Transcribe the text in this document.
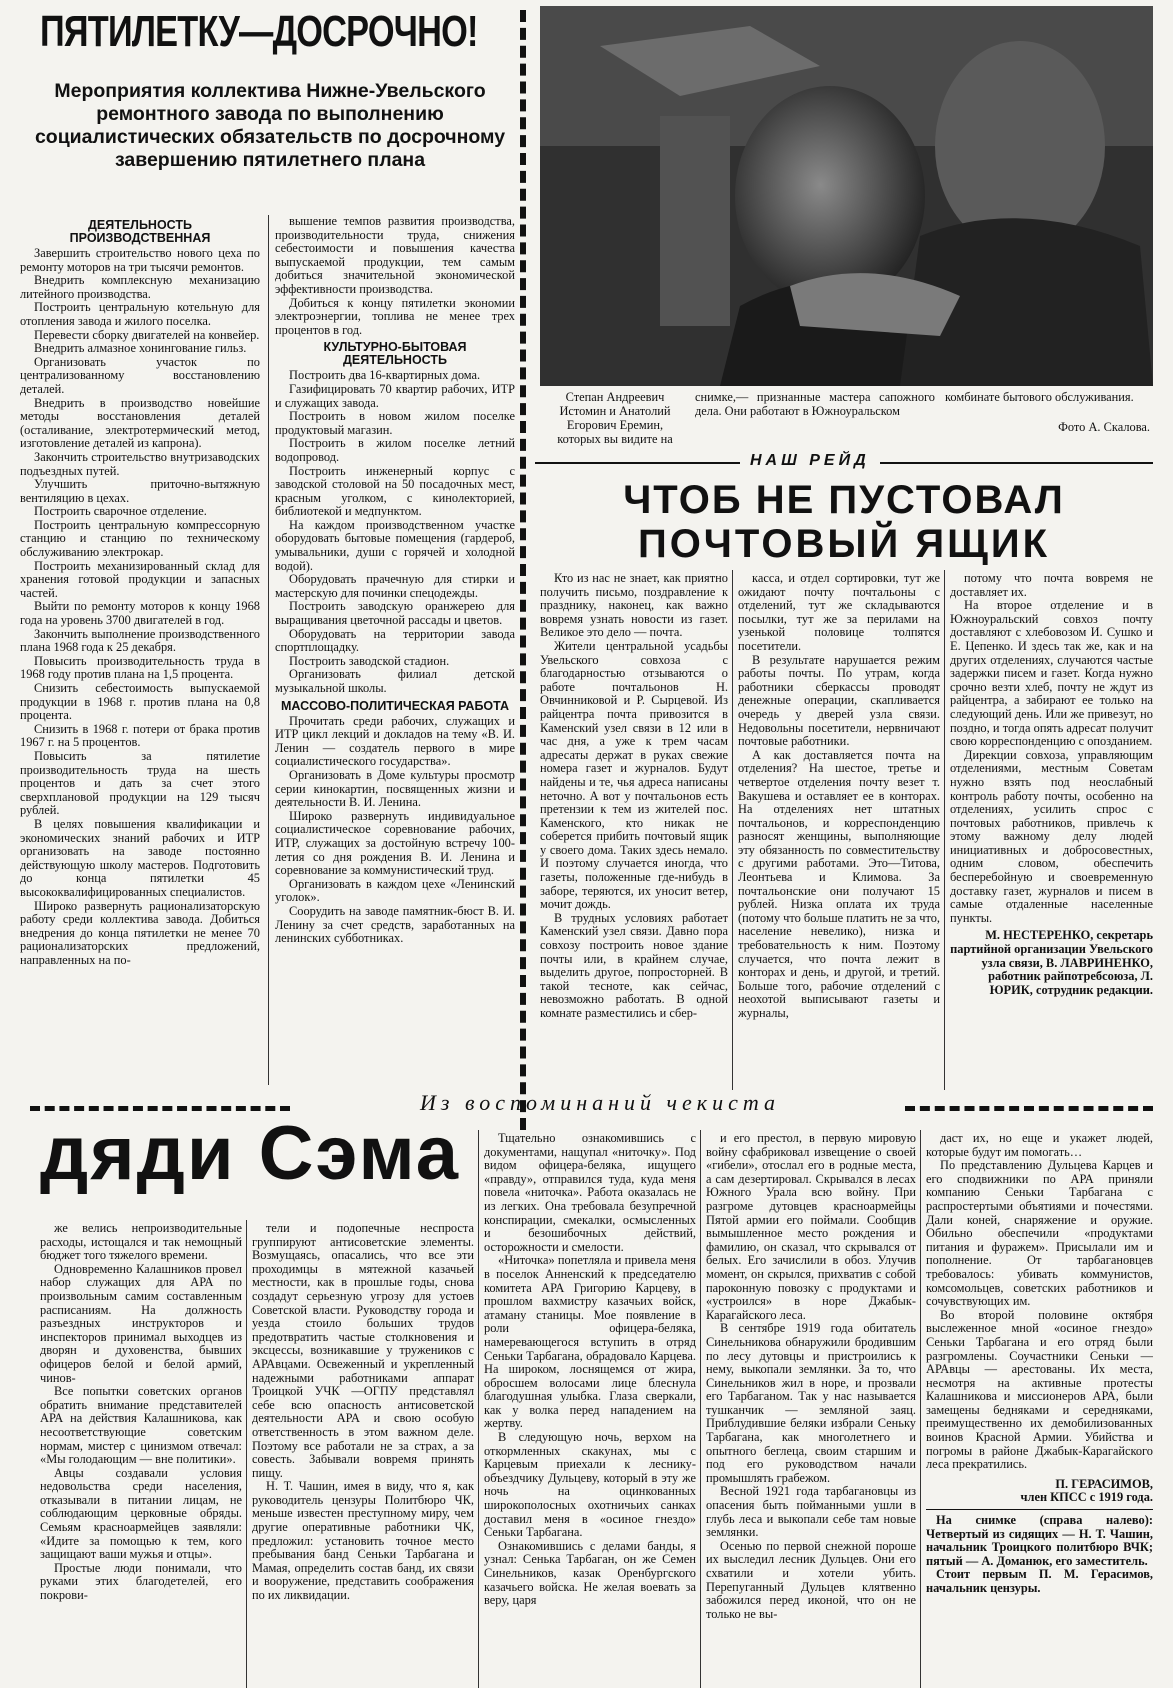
ПЯТИЛЕТКУ—ДОСРОЧНО!
Мероприятия коллектива Нижне-Увельского ремонтного завода по выполнению социалистических обязательств по досрочному завершению пятилетнего плана
ДЕЯТЕЛЬНОСТЬ ПРОИЗВОДСТВЕННАЯ

Завершить строительство нового цеха по ремонту моторов на три тысячи ремонтов.

Внедрить комплексную механизацию литейного производства.

Построить центральную котельную для отопления завода и жилого поселка.

Перевести сборку двигателей на конвейер.

Внедрить алмазное хонингование гильз.

Организовать участок по централизованному восстановлению деталей.

Внедрить в производство новейшие методы восстановления деталей (осталивание, электротермический метод, изготовление деталей из капрона).

Закончить строительство внутризаводских подъездных путей.

Улучшить приточно-вытяжную вентиляцию в цехах.

Построить сварочное отделение.

Построить центральную компрессорную станцию и станцию по техническому обслуживанию электрокар.

Построить механизированный склад для хранения готовой продукции и запасных частей.

Выйти по ремонту моторов к концу 1968 года на уровень 3700 двигателей в год.

Закончить выполнение производственного плана 1968 года к 25 декабря.

Повысить производительность труда в 1968 году против плана на 1,5 процента.

Снизить себестоимость выпускаемой продукции в 1968 г. против плана на 0,8 процента.

Снизить в 1968 г. потери от брака против 1967 г. на 5 процентов.

Повысить за пятилетие производительность труда на шесть процентов и дать за счет этого сверхплановой продукции на 129 тысяч рублей.

В целях повышения квалификации и экономических знаний рабочих и ИТР организовать на заводе постоянно действующую школу мастеров. Подготовить до конца пятилетки 45 высококвалифицированных специалистов.

Широко развернуть рационализаторскую работу среди коллектива завода. Добиться внедрения до конца пятилетки не менее 70 рационализаторских предложений, направленных на по-

вышение темпов развития производства, производительности труда, снижения себестоимости и повышения качества выпускаемой продукции, тем самым добиться значительной экономической эффективности производства.

Добиться к концу пятилетки экономии электроэнергии, топлива не менее трех процентов в год.

КУЛЬТУРНО-БЫТОВАЯ ДЕЯТЕЛЬНОСТЬ

Построить два 16-квартирных дома.

Газифицировать 70 квартир рабочих, ИТР и служащих завода.

Построить в новом жилом поселке продуктовый магазин.

Построить в жилом поселке летний водопровод.

Построить инженерный корпус с заводской столовой на 50 посадочных мест, красным уголком, с кинолекторией, библиотекой и медпунктом.

На каждом производственном участке оборудовать бытовые помещения (гардероб, умывальники, души с горячей и холодной водой).

Оборудовать прачечную для стирки и мастерскую для починки спецодежды.

Построить заводскую оранжерею для выращивания цветочной рассады и цветов.

Оборудовать на территории завода спортплощадку.

Построить заводской стадион.

Организовать филиал детской музыкальной школы.

МАССОВО-ПОЛИТИЧЕСКАЯ РАБОТА

Прочитать среди рабочих, служащих и ИТР цикл лекций и докладов на тему «В. И. Ленин — создатель первого в мире социалистического государства».

Организовать в Доме культуры просмотр серии кинокартин, посвященных жизни и деятельности В. И. Ленина.

Широко развернуть индивидуальное социалистическое соревнование рабочих, ИТР, служащих за достойную встречу 100-летия со дня рождения В. И. Ленина и соревнование за коммунистический труд.

Организовать в каждом цехе «Ленинский уголок».

Соорудить на заводе памятник-бюст В. И. Ленину за счет средств, заработанных на ленинских субботниках.

Степан Андреевич Истомин и Анатолий Егорович Еремин, которых вы видите на
снимке,— признанные мастера сапожного дела. Они работают в Южноуральском
комбинате бытового обслуживания.
Фото А. Скалова.
НАШ РЕЙД
ЧТОБ НЕ ПУСТОВАЛ
ПОЧТОВЫЙ ЯЩИК

Кто из нас не знает, как приятно получить письмо, поздравление к празднику, наконец, как важно вовремя узнать новости из газет. Великое это дело — почта.

Жители центральной усадьбы Увельского совхоза с благодарностью отзываются о работе почтальонов Н. Овчинниковой и Р. Сырцевой. Из райцентра почта привозится в Каменский узел связи в 12 или в час дня, а уже к трем часам адресаты держат в руках свежие номера газет и журналов. Будут найдены и те, чья адреса написаны неточно. А вот у почтальонов есть претензии к тем из жителей пос. Каменского, кто никак не соберется прибить почтовый ящик у своего дома. Таких здесь немало. И поэтому случается иногда, что газеты, положенные где-нибудь в заборе, теряются, их уносит ветер, мочит дождь.

В трудных условиях работает Каменский узел связи. Давно пора совхозу построить новое здание почты или, в крайнем случае, выделить другое, попросторней. В такой тесноте, как сейчас, невозможно работать. В одной комнате разместились и сбер-

касса, и отдел сортировки, тут же ожидают почту почтальоны с отделений, тут же складываются посылки, тут же за перилами на узенькой половице толпятся посетители.

В результате нарушается режим работы почты. По утрам, когда работники сберкассы проводят денежные операции, скапливается очередь у дверей узла связи. Недовольны посетители, нервничают почтовые работники.

А как доставляется почта на отделения? На шестое, третье и четвертое отделения почту везет т. Вакушева и оставляет ее в конторах. На отделениях нет штатных почтальонов, и корреспонденцию разносят женщины, выполняющие эту обязанность по совместительству с другими работами. Это—Титова, Леонтьева и Климова. За почтальонские они получают 15 рублей. Низка оплата их труда (потому что больше платить не за что, население невелико), низка и требовательность к ним. Поэтому случается, что почта лежит в конторах и день, и другой, и третий. Больше того, рабочие отделений с неохотой выписывают газеты и журналы,

потому что почта вовремя не доставляет их.

На второе отделение и в Южноуральский совхоз почту доставляют с хлебовозом И. Сушко и Е. Цепенко. И здесь так же, как и на других отделениях, случаются частые задержки писем и газет. Когда нужно срочно везти хлеб, почту не ждут из райцентра, а забирают ее только на следующий день. Или же привезут, но поздно, и тогда опять адресат получит свою корреспонденцию с опозданием.

Дирекции совхоза, управляющим отделениями, местным Советам нужно взять под неослабный контроль работу почты, особенно на отделениях, усилить спрос с почтовых работников, привлечь к этому важному делу людей инициативных и добросовестных, одним словом, обеспечить бесперебойную и своевременную доставку газет, журналов и писем в самые отдаленные населенные пункты.

М. НЕСТЕРЕНКО, секретарь партийной организации Увельского узла связи, В. ЛАВРИНЕНКО, работник райпотребсоюза, Л. ЮРИК, сотрудник редакции.

Из воспоминаний чекиста
дяди Сэма

же велись непроизводительные расходы, истощался и так немощный бюджет того тяжелого времени.

Одновременно Калашников провел набор служащих для АРА по произвольным самим составленным расписаниям. На должность разъездных инструкторов и инспекторов принимал выходцев из дворян и духовенства, бывших офицеров белой и белой армий, чинов-

Все попытки советских органов обратить внимание представителей АРА на действия Калашникова, как несоответствующие советским нормам, мистер с цинизмом отвечал: «Мы голодающим — вне политики».

Авцы создавали условия недовольства среди населения, отказывали в питании лицам, не соблюдающим церковные обряды. Семьям красноармейцев заявляли: «Идите за помощью к тем, кого защищают ваши мужья и отцы».

Простые люди понимали, что руками этих благодетелей, его покрови-

тели и подопечные неспроста группируют антисоветские элементы. Возмущаясь, опасались, что все эти проходимцы в мятежной казачьей местности, как в прошлые годы, снова создадут серьезную угрозу для устоев Советской власти. Руководству города и уезда стоило больших трудов предотвратить частые столкновения и эксцессы, возникавшие у тружеников с АРАвцами. Освеженный и укрепленный надежными работниками аппарат Троицкой УЧК —ОГПУ представлял себе всю опасность антисоветской деятельности АРА и свою особую ответственность в этом важном деле. Поэтому все работали не за страх, а за совесть. Забывали вовремя принять пищу.

Н. Т. Чашин, имея в виду, что я, как руководитель цензуры Политбюро ЧК, меньше известен преступному миру, чем другие оперативные работники ЧК, предложил: установить точное место пребывания банд Сеньки Тарбагана и Мамая, определить состав банд, их связи и вооружение, представить соображения по их ликвидации.

Тщательно ознакомившись с документами, нащупал «ниточку». Под видом офицера-беляка, ищущего «правду», отправился туда, куда меня повела «ниточка». Работа оказалась не из легких. Она требовала безупречной конспирации, смекалки, осмысленных и безошибочных действий, осторожности и смелости.

«Ниточка» попетляла и привела меня в поселок Анненский к председателю комитета АРА Григорию Карцеву, в прошлом вахмистру казачьих войск, атаману станицы. Мое появление в роли офицера-беляка, намеревающегося вступить в отряд Сеньки Тарбагана, обрадовало Карцева. На широком, лоснящемся от жира, обросшем волосами лице блеснула благодушная улыбка. Глаза сверкали, как у волка перед нападением на жертву.

В следующую ночь, верхом на откормленных скакунах, мы с Карцевым приехали к леснику-объездчику Дульцеву, который в эту же ночь на оцинкованных широкополосных охотничьих санках доставил меня в «осиное гнездо» Сеньки Тарбагана.

Ознакомившись с делами банды, я узнал: Сенька Тарбаган, он же Семен Синельников, казак Оренбургского казачьего войска. Не желая воевать за веру, царя

и его престол, в первую мировую войну сфабриковал извещение о своей «гибели», отослал его в родные места, а сам дезертировал. Скрывался в лесах Южного Урала всю войну. При разгроме дутовцев красноармейцы Пятой армии его поймали. Сообщив вымышленное место рождения и фамилию, он сказал, что скрывался от белых. Его зачислили в обоз. Улучив момент, он скрылся, прихватив с собой пароконную повозку с продуктами и «устроился» в норе Джабык-Карагайского леса.

В сентябре 1919 года обитатель Синельникова обнаружили бродившим по лесу дутовцы и пристроились к нему, выкопали землянки. За то, что Синельников жил в норе, и прозвали его Тарбаганом. Так у нас называется тушканчик — земляной заяц. Приблудившие беляки избрали Сеньку Тарбагана, как многолетнего и опытного беглеца, своим старшим и под его руководством начали промышлять грабежом.

Весной 1921 года тарбагановцы из опасения быть пойманными ушли в глубь леса и выкопали себе там новые землянки.

Осенью по первой снежной пороше их выследил лесник Дульцев. Они его схватили и хотели убить. Перепуганный Дульцев клятвенно забожился перед иконой, что он не только не вы-

даст их, но еще и укажет людей, которые будут им помогать…

По представлению Дульцева Карцев и его сподвижники по АРА приняли компанию Сеньки Тарбагана с распростертыми объятиями и почестями. Дали коней, снаряжение и оружие. Обильно обеспечили «продуктами питания и фуражем». Присылали им и пополнение. От тарбагановцев требовалось: убивать коммунистов, комсомольцев, советских работников и сочувствующих им.

Во второй половине октября выслеженное мной «осиное гнездо» Сеньки Тарбагана и его отряд были разгромлены. Соучастники Сеньки — АРАвцы — арестованы. Их места, несмотря на активные протесты Калашникова и миссионеров АРА, были замещены бедняками и середняками, преимущественно их демобилизованных воинов Красной Армии. Убийства и погромы в районе Джабык-Карагайского леса прекратились.

П. ГЕРАСИМОВ,

член КПСС с 1919 года.

На снимке (справа налево): Четвертый из сидящих — Н. Т. Чашин, начальник Троицкого политбюро ВЧК; пятый — А. Доманюк, его заместитель.

Стоит первым П. М. Герасимов, начальник цензуры.
